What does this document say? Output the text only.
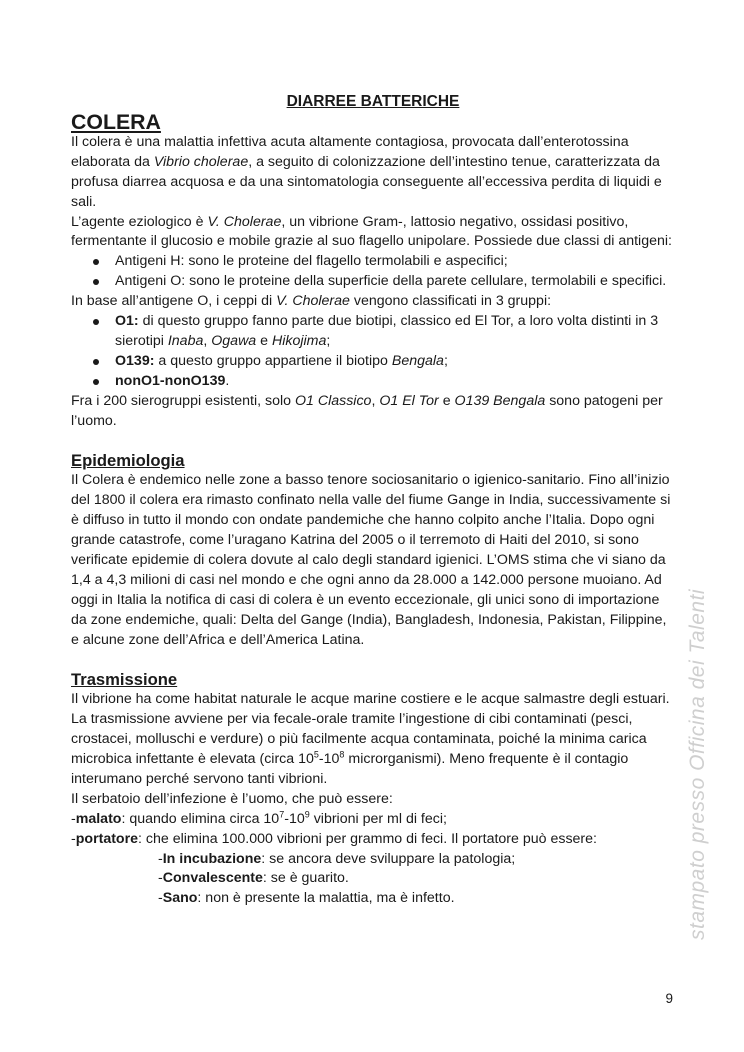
DIARREE BATTERICHE
COLERA

Il colera è una malattia infettiva acuta altamente contagiosa, provocata dall’enterotossina elaborata da Vibrio cholerae, a seguito di colonizzazione dell’intestino tenue, caratterizzata da profusa diarrea acquosa e da una sintomatologia conseguente all’eccessiva perdita di liquidi e sali.

L’agente eziologico è V. Cholerae, un vibrione Gram-, lattosio negativo, ossidasi positivo, fermentante il glucosio e mobile grazie al suo flagello unipolare. Possiede due classi di antigeni:

Antigeni H: sono le proteine del flagello termolabili e aspecifici;
Antigeni O: sono le proteine della superficie della parete cellulare, termolabili e specifici.

In base all’antigene O, i ceppi di V. Cholerae vengono classificati in 3 gruppi:

O1: di questo gruppo fanno parte due biotipi, classico ed El Tor, a loro volta distinti in 3 sierotipi Inaba, Ogawa e Hikojima;
O139: a questo gruppo appartiene il biotipo Bengala;
nonO1-nonO139.

Fra i 200 sierogruppi esistenti, solo O1 Classico, O1 El Tor e O139 Bengala sono patogeni per l’uomo.

Epidemiologia

Il Colera è endemico nelle zone a basso tenore sociosanitario o igienico-sanitario. Fino all’inizio del 1800 il colera era rimasto confinato nella valle del fiume Gange in India, successivamente si è diffuso in tutto il mondo con ondate pandemiche che hanno colpito anche l’Italia. Dopo ogni grande catastrofe, come l’uragano Katrina del 2005 o il terremoto di Haiti del 2010, si sono verificate epidemie di colera dovute al calo degli standard igienici. L’OMS stima che vi siano da 1,4 a 4,3 milioni di casi nel mondo e che ogni anno da 28.000 a 142.000 persone muoiano. Ad oggi in Italia la notifica di casi di colera è un evento eccezionale, gli unici sono di importazione da zone endemiche, quali: Delta del Gange (India), Bangladesh, Indonesia, Pakistan, Filippine, e alcune zone dell’Africa e dell’America Latina.

Trasmissione

Il vibrione ha come habitat naturale le acque marine costiere e le acque salmastre degli estuari. La trasmissione avviene per via fecale-orale tramite l’ingestione di cibi contaminati (pesci, crostacei, molluschi e verdure) o più facilmente acqua contaminata, poiché la minima carica microbica infettante è elevata (circa $10^5-10^8$ microrganismi). Meno frequente è il contagio interumano perché servono tanti vibrioni.

Il serbatoio dell’infezione è l’uomo, che può essere:

-malato: quando elimina circa $10^7-10^9$ vibrioni per ml di feci;

-portatore: che elimina 100.000 vibrioni per grammo di feci. Il portatore può essere:

-In incubazione: se ancora deve sviluppare la patologia;

-Convalescente: se è guarito.

-Sano: non è presente la malattia, ma è infetto.	stampato presso Officina dei Talenti
9
